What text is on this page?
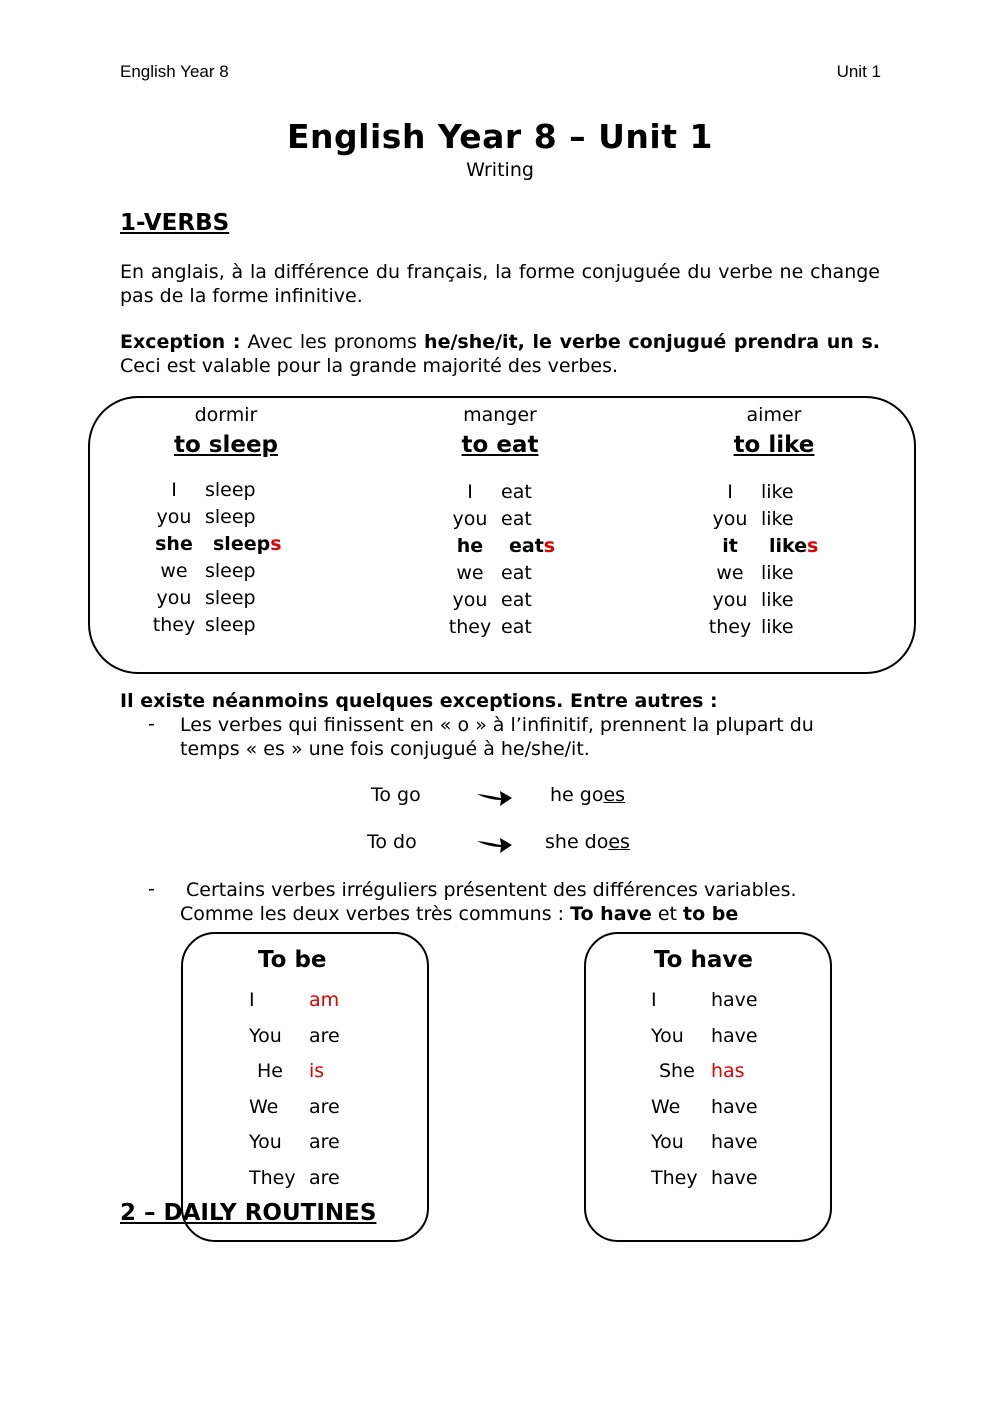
English Year 8	Unit 1
English Year 8 – Unit 1
Writing
1-VERBS
En anglais, à la différence du français, la forme conjuguée du verbe ne change pas de la forme infinitive.
Exception : Avec les pronoms he/she/it, le verbe conjugué prendra un s. Ceci est valable pour la grande majorité des verbes.
dormir
to sleep
manger
to eat
aimer
to like
I	sleep
you sleep
she	sleeps
we sleep
you sleep
they sleep
I	eat
you eat
he	eats
we eat
you eat
they eat
I	like
you like
it	likes
we like
you like
they like
Il existe néanmoins quelques exceptions. Entre autres :
- Les verbes qui finissent en « o » à l’infinitif, prennent la plupart du temps « es » une fois conjugué à he/she/it.
To go	he goes
To do	she does
- Certains verbes irréguliers présentent des différences variables.
Comme les deux verbes très communs : To have et to be
To be
I	am
You	are
He	is
We	are
You	are
They are
To have
I	have
You	have
She has
We	have
You	have
They have
2 – DAILY ROUTINES
